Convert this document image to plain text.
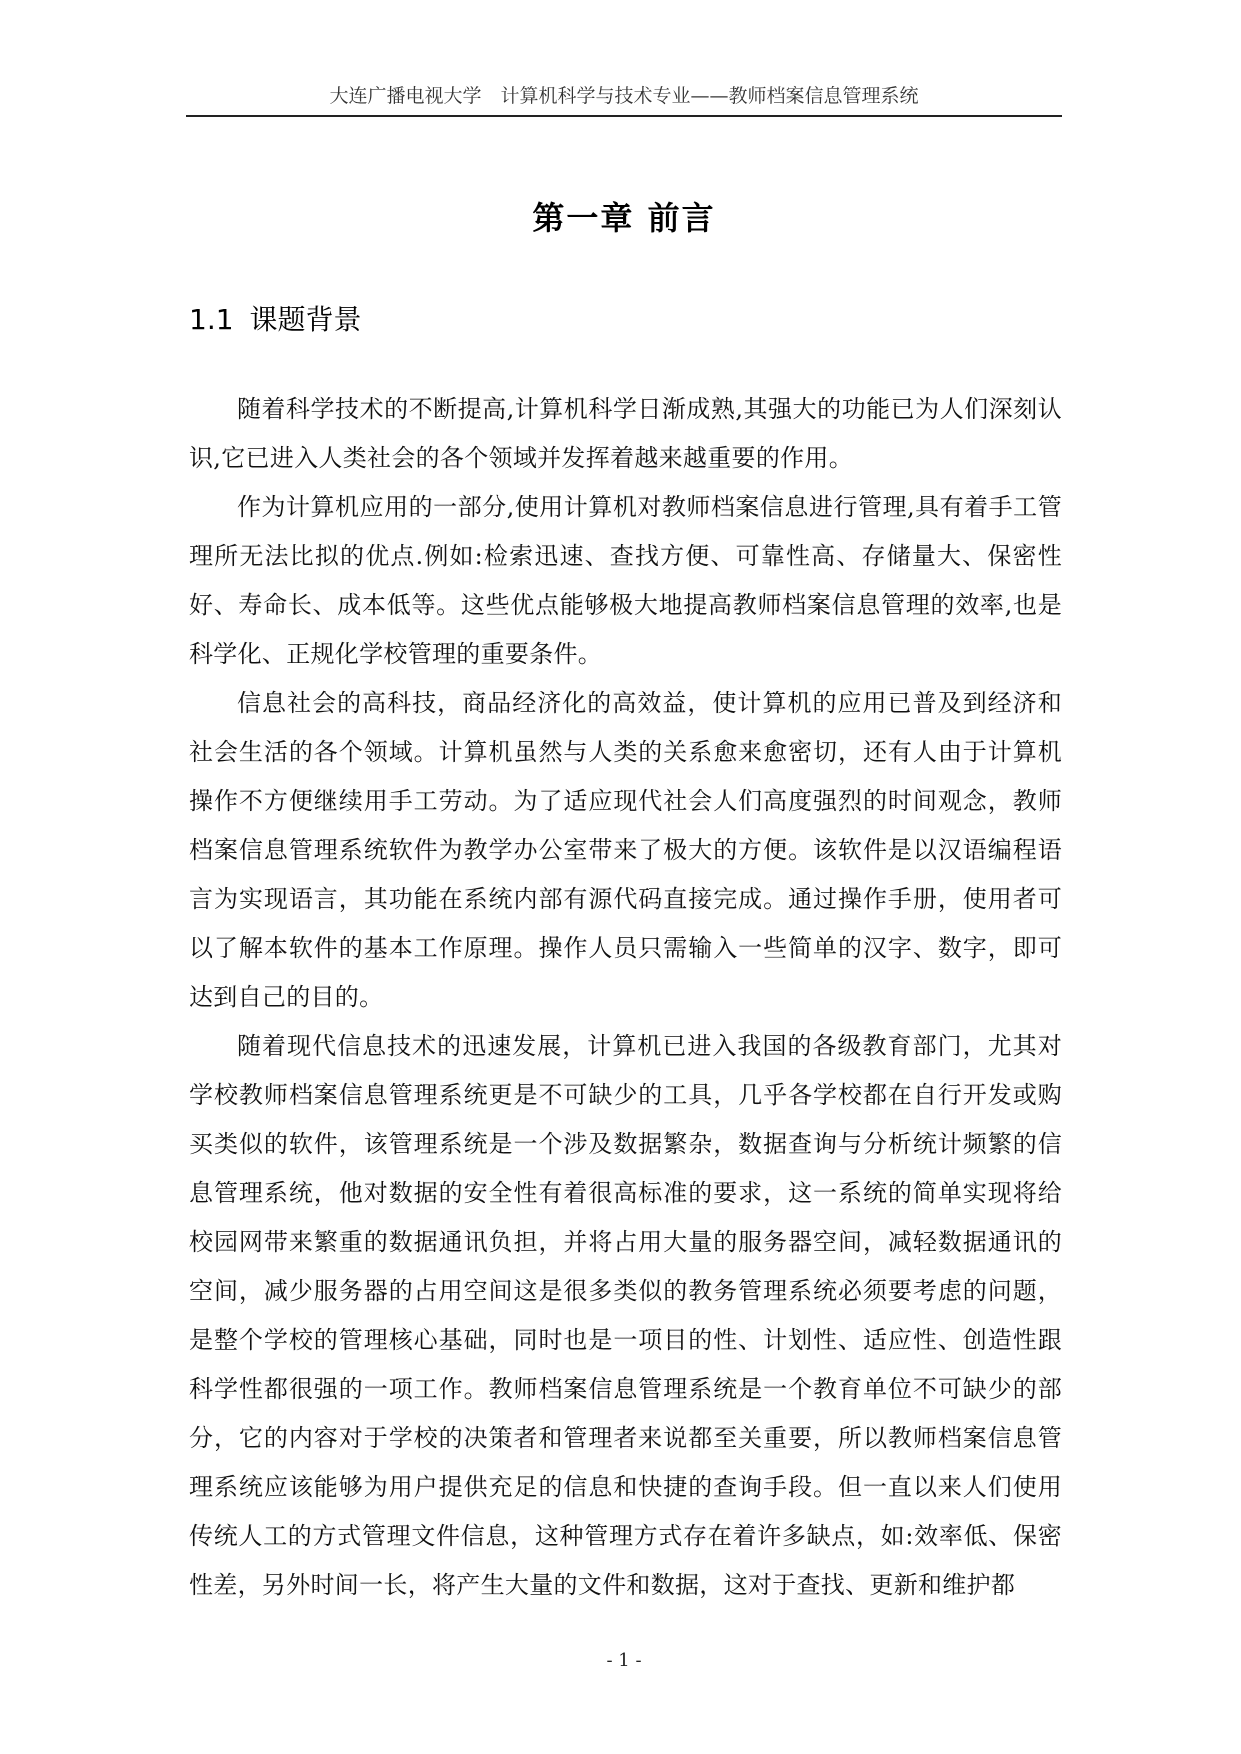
大连广播电视大学　计算机科学与技术专业——教师档案信息管理系统
第一章 前言
1.1 课题背景

随着科学技术的不断提高,计算机科学日渐成熟,其强大的功能已为人们深刻认识,它已进入人类社会的各个领域并发挥着越来越重要的作用。

作为计算机应用的一部分,使用计算机对教师档案信息进行管理,具有着手工管理所无法比拟的优点.例如:检索迅速、查找方便、可靠性高、存储量大、保密性好、寿命长、成本低等。这些优点能够极大地提高教师档案信息管理的效率,也是科学化、正规化学校管理的重要条件。

信息社会的高科技，商品经济化的高效益，使计算机的应用已普及到经济和社会生活的各个领域。计算机虽然与人类的关系愈来愈密切，还有人由于计算机操作不方便继续用手工劳动。为了适应现代社会人们高度强烈的时间观念，教师档案信息管理系统软件为教学办公室带来了极大的方便。该软件是以汉语编程语言为实现语言，其功能在系统内部有源代码直接完成。通过操作手册，使用者可以了解本软件的基本工作原理。操作人员只需输入一些简单的汉字、数字，即可达到自己的目的。

随着现代信息技术的迅速发展，计算机已进入我国的各级教育部门，尤其对学校教师档案信息管理系统更是不可缺少的工具，几乎各学校都在自行开发或购买类似的软件，该管理系统是一个涉及数据繁杂，数据查询与分析统计频繁的信息管理系统，他对数据的安全性有着很高标准的要求，这一系统的简单实现将给校园网带来繁重的数据通讯负担，并将占用大量的服务器空间，减轻数据通讯的空间，减少服务器的占用空间这是很多类似的教务管理系统必须要考虑的问题，是整个学校的管理核心基础，同时也是一项目的性、计划性、适应性、创造性跟科学性都很强的一项工作。教师档案信息管理系统是一个教育单位不可缺少的部分，它的内容对于学校的决策者和管理者来说都至关重要，所以教师档案信息管理系统应该能够为用户提供充足的信息和快捷的查询手段。但一直以来人们使用传统人工的方式管理文件信息，这种管理方式存在着许多缺点，如:效率低、保密性差，另外时间一长，将产生大量的文件和数据，这对于查找、更新和维护都

- 1 -
